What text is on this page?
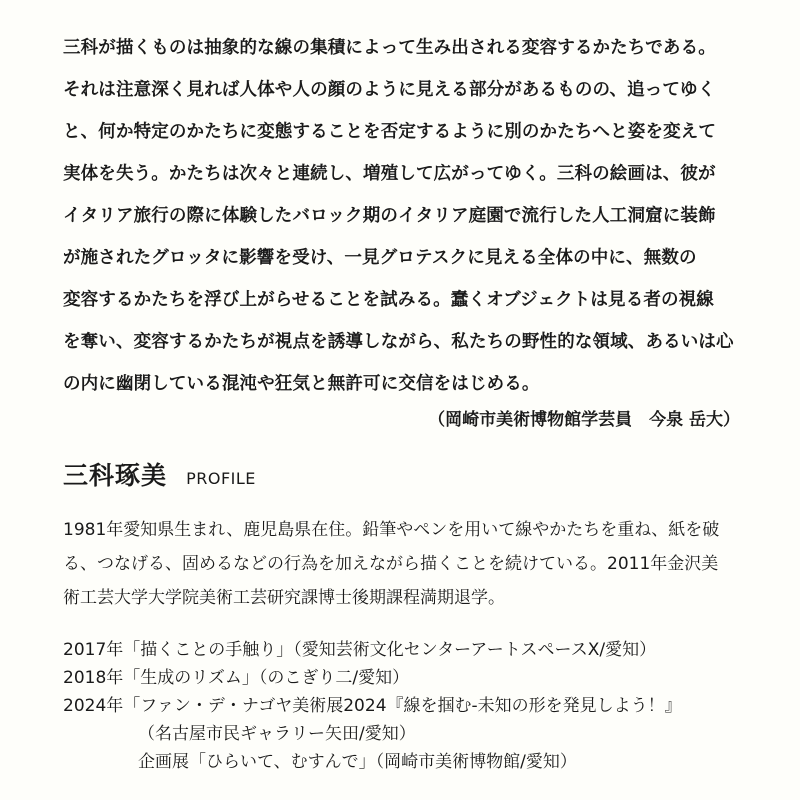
三科が描くものは抽象的な線の集積によって生み出される変容するかたちである。
それは注意深く見れば人体や人の顔のように見える部分があるものの、追ってゆく
と、何か特定のかたちに変態することを否定するように別のかたちへと姿を変えて
実体を失う。かたちは次々と連続し、増殖して広がってゆく。三科の絵画は、彼が
イタリア旅行の際に体験したバロック期のイタリア庭園で流行した人工洞窟に装飾
が施されたグロッタに影響を受け、一見グロテスクに見える全体の中に、無数の
変容するかたちを浮び上がらせることを試みる。蠢くオブジェクトは見る者の視線
を奪い、変容するかたちが視点を誘導しながら、私たちの野性的な領域、あるいは心
の内に幽閉している混沌や狂気と無許可に交信をはじめる。
（岡崎市美術博物館学芸員　今泉 岳大）
三科琢美 PROFILE
1981年愛知県生まれ、鹿児島県在住。鉛筆やペンを用いて線やかたちを重ね、紙を破
る、つなげる、固めるなどの行為を加えながら描くことを続けている。2011年金沢美
術工芸大学大学院美術工芸研究課博士後期課程満期退学。
2017年「描くことの手触り」（愛知芸術文化センターアートスペースX/愛知）
2018年「生成のリズム」（のこぎり二/愛知）
2024年「ファン・デ・ナゴヤ美術展2024『線を掴む-未知の形を発見しよう！』
（名古屋市民ギャラリー矢田/愛知）
企画展「ひらいて、むすんで」（岡崎市美術博物館/愛知）
